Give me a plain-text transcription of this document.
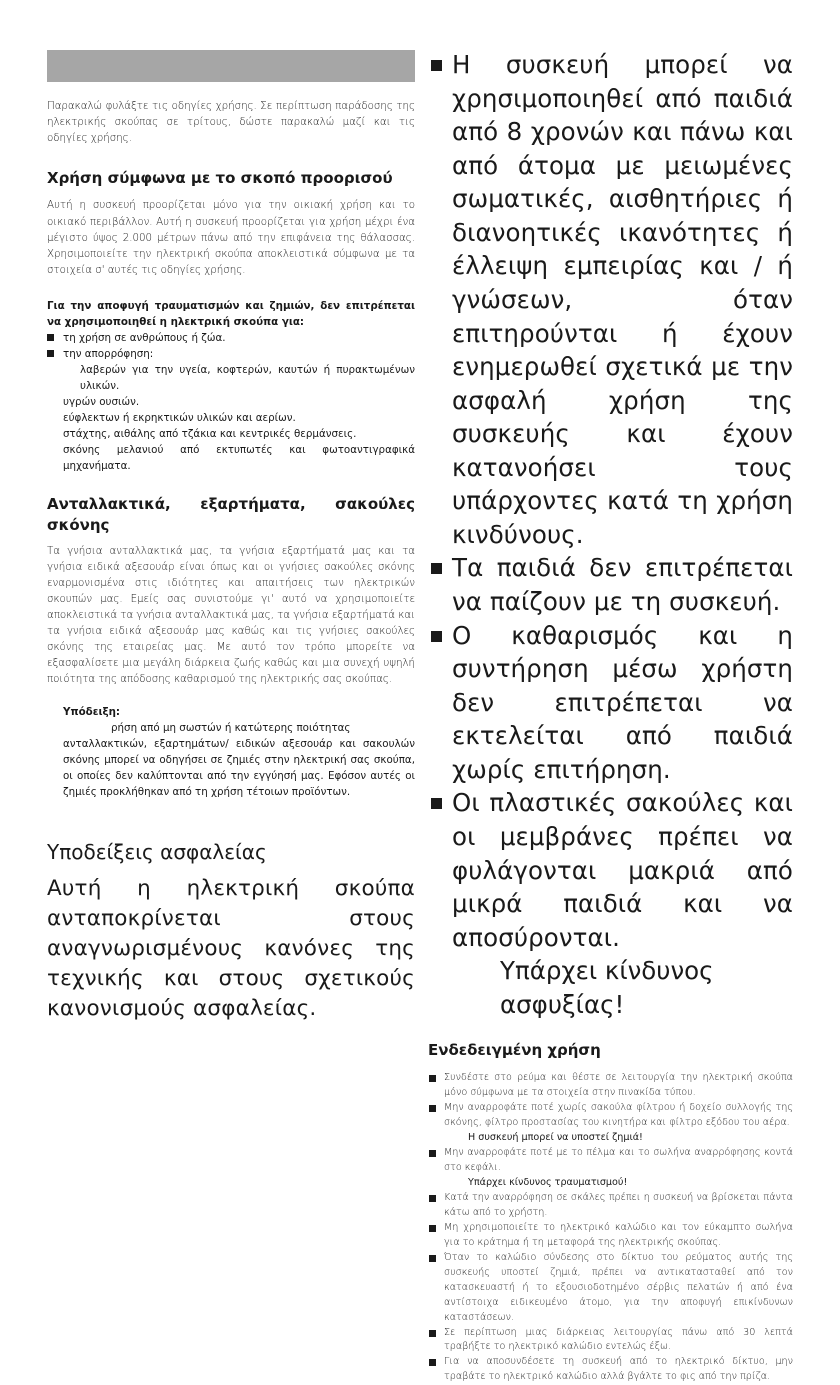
Παρακαλώ φυλάξτε τις οδηγίες χρήσης. Σε περίπτωση παράδοσης της ηλεκτρικής σκούπας σε τρίτους, δώστε παρακαλώ μαζί και τις οδηγίες χρήσης.

Χρήση σύμφωνα με το σκοπό προορισού

Αυτή η συσκευή προορίζεται μόνο για την οικιακή χρήση και το οικιακό περιβάλλον. Αυτή η συσκευή προορίζεται για χρήση μέχρι ένα μέγιστο ύψος 2.000 μέτρων πάνω από την επιφάνεια της θάλασσας. Χρησιμοποιείτε την ηλεκτρική σκούπα αποκλειστικά σύμφωνα με τα στοιχεία σ' αυτές τις οδηγίες χρήσης.

Για την αποφυγή τραυματισμών και ζημιών, δεν επιτρέπεται να χρησιμοποιηθεί η ηλεκτρική σκούπα για:

τη χρήση σε ανθρώπους ή ζώα.

την απορρόφηση:

λαβερών για την υγεία, κοφτερών, καυτών ή πυρακτωμένων υλικών.

υγρών ουσιών.

εύφλεκτων ή εκρηκτικών υλικών και αερίων.

στάχτης, αιθάλης από τζάκια και κεντρικές θερμάνσεις.

σκόνης μελανιού από εκτυπωτές και φωτοαντιγραφικά μηχανήματα.

Ανταλλακτικά, εξαρτήματα, σακούλες σκόνης

Τα γνήσια ανταλλακτικά μας, τα γνήσια εξαρτήματά μας και τα γνήσια ειδικά αξεσουάρ είναι όπως και οι γνήσιες σακούλες σκόνης εναρμονισμένα στις ιδιότητες και απαιτήσεις των ηλεκτρικών σκουπών μας. Εμείς σας συνιστούμε γι' αυτό να χρησιμοποιείτε αποκλειστικά τα γνήσια ανταλλακτικά μας, τα γνήσια εξαρτήματά και τα γνήσια ειδικά αξεσουάρ μας καθώς και τις γνήσιες σακούλες σκόνης της εταιρείας μας. Με αυτό τον τρόπο μπορείτε να εξασφαλίσετε μια μεγάλη διάρκεια ζωής καθώς και μια συνεχή υψηλή ποιότητα της απόδοσης καθαρισμού της ηλεκτρικής σας σκούπας.

Υπόδειξη:

ρήση από μη σωστών ή κατώτερης ποιότητας
ανταλλακτικών, εξαρτημάτων/ ειδικών αξεσουάρ και σακουλών σκόνης μπορεί να οδηγήσει σε ζημιές στην ηλεκτρική σας σκούπα, οι οποίες δεν καλύπτονται από την εγγύησή μας. Εφόσον αυτές οι ζημιές προκλήθηκαν από τη χρήση τέτοιων προϊόντων.

Υποδείξεις ασφαλείας

Αυτή η ηλεκτρική σκούπα ανταποκρίνεται στους αναγνωρισμένους κανόνες της τεχνικής και στους σχετικούς κανονισμούς ασφαλείας.

Η συσκευή μπορεί να χρησιμοποιηθεί από παιδιά από 8 χρονών και πάνω και από άτομα με μειωμένες σωματικές, αισθητήριες ή διανοητικές ικανότητες ή έλλειψη εμπειρίας και / ή γνώσεων, όταν επιτηρούνται ή έχουν ενημερωθεί σχετικά με την ασφαλή χρήση της συσκευής και έχουν κατανοήσει τους υπάρχοντες κατά τη χρήση κινδύνους.

Τα παιδιά δεν επιτρέπεται να παίζουν με τη συσκευή.

Ο καθαρισμός και η συντήρηση μέσω χρήστη δεν επιτρέπεται να εκτελείται από παιδιά χωρίς επιτήρηση.

Οι πλαστικές σακούλες και οι μεμβράνες πρέπει να φυλάγονται μακριά από μικρά παιδιά και να αποσύρονται.

Υπάρχει κίνδυνος ασφυξίας!

Ενδεδειγμένη χρήση

Συνδέστε στο ρεύμα και θέστε σε λειτουργία την ηλεκτρική σκούπα μόνο σύμφωνα με τα στοιχεία στην πινακίδα τύπου.

Μην αναρροφάτε ποτέ χωρίς σακούλα φίλτρου ή δοχείο συλλογής της σκόνης, φίλτρο προστασίας του κινητήρα και φίλτρο εξόδου του αέρα.

Η συσκευή μπορεί να υποστεί ζημιά!

Μην αναρροφάτε ποτέ με το πέλμα και το σωλήνα αναρρόφησης κοντά στο κεφάλι.

Υπάρχει κίνδυνος τραυματισμού!

Κατά την αναρρόφηση σε σκάλες πρέπει η συσκευή να βρίσκεται πάντα κάτω από το χρήστη.

Μη χρησιμοποιείτε το ηλεκτρικό καλώδιο και τον εύκαμπτο σωλήνα για το κράτημα ή τη μεταφορά της ηλεκτρικής σκούπας.

Όταν το καλώδιο σύνδεσης στο δίκτυο του ρεύματος αυτής της συσκευής υποστεί ζημιά, πρέπει να αντικατασταθεί από τον κατασκευαστή ή το εξουσιοδοτημένο σέρβις πελατών ή από ένα αντίστοιχα ειδικευμένο άτομο, για την αποφυγή επικίνδυνων καταστάσεων.

Σε περίπτωση μιας διάρκειας λειτουργίας πάνω από 30 λεπτά τραβήξτε το ηλεκτρικό καλώδιο εντελώς έξω.

Για να αποσυνδέσετε τη συσκευή από το ηλεκτρικό δίκτυο, μην τραβάτε το ηλεκτρικό καλώδιο αλλά βγάλτε το φις από την πρίζα.
